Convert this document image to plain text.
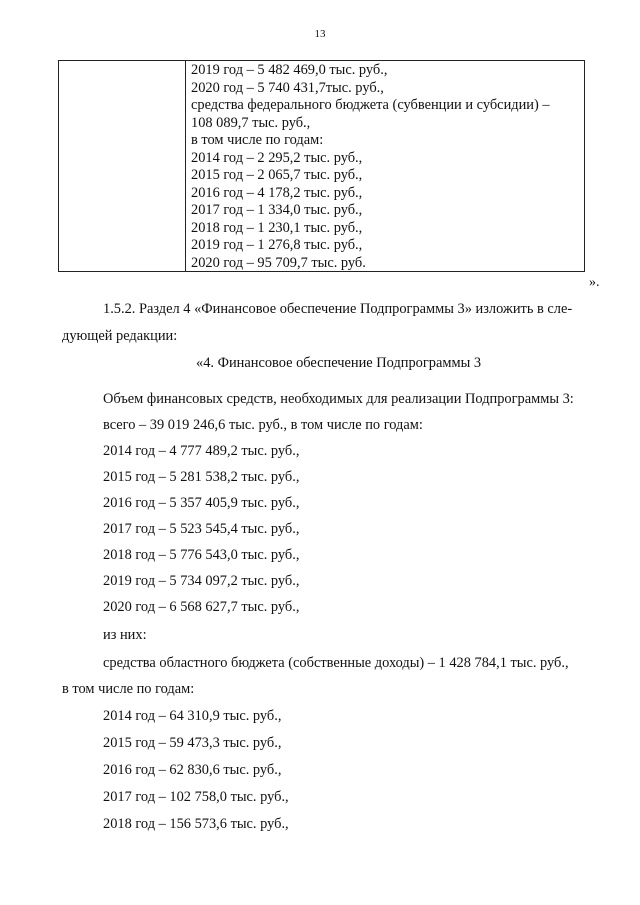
13
2019 год – 5 482 469,0 тыс. руб.,
2020 год – 5 740 431,7тыс. руб.,
средства федерального бюджета (субвенции и субсидии) –
108 089,7 тыс. руб.,
в том числе по годам:
2014 год – 2 295,2 тыс. руб.,
2015 год – 2 065,7 тыс. руб.,
2016 год – 4 178,2 тыс. руб.,
2017 год – 1 334,0 тыс. руб.,
2018 год – 1 230,1 тыс. руб.,
2019 год – 1 276,8 тыс. руб.,
2020 год – 95 709,7 тыс. руб.
».
1.5.2. Раздел 4 «Финансовое обеспечение Подпрограммы 3» изложить в сле-
дующей редакции:
«4. Финансовое обеспечение Подпрограммы 3
Объем финансовых средств, необходимых для реализации Подпрограммы 3:
всего – 39 019 246,6 тыс. руб., в том числе по годам:
2014 год – 4 777 489,2 тыс. руб.,
2015 год – 5 281 538,2 тыс. руб.,
2016 год – 5 357 405,9 тыс. руб.,
2017 год – 5 523 545,4 тыс. руб.,
2018 год – 5 776 543,0 тыс. руб.,
2019 год – 5 734 097,2 тыс. руб.,
2020 год – 6 568 627,7 тыс. руб.,
из них:
средства областного бюджета (собственные доходы) – 1 428 784,1 тыс. руб.,
в том числе по годам:
2014 год – 64 310,9 тыс. руб.,
2015 год – 59 473,3 тыс. руб.,
2016 год – 62 830,6 тыс. руб.,
2017 год – 102 758,0 тыс. руб.,
2018 год – 156 573,6 тыс. руб.,
